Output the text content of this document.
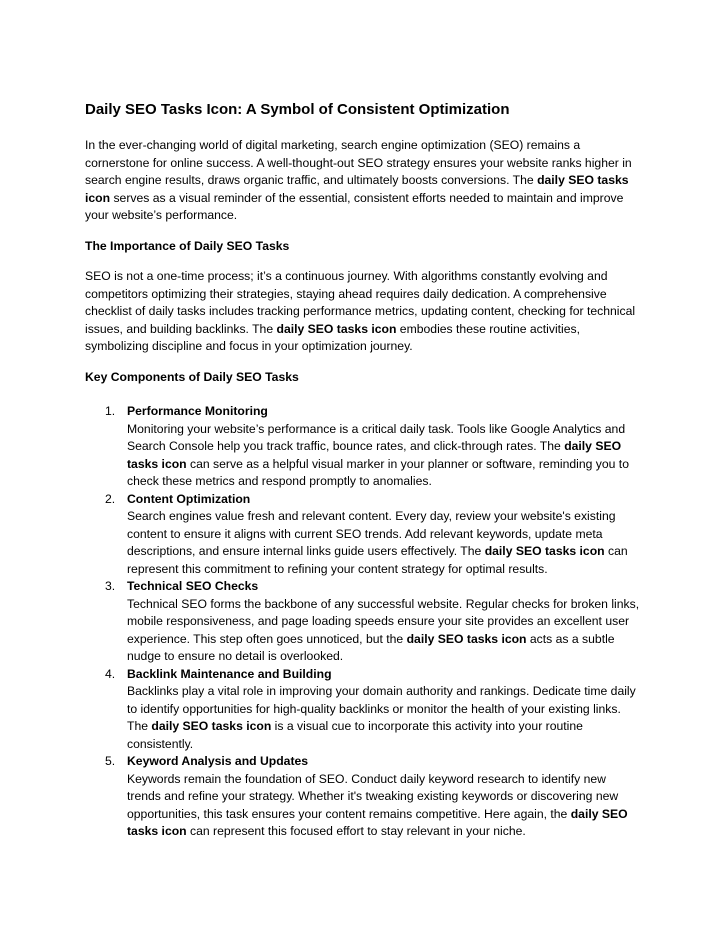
Daily SEO Tasks Icon: A Symbol of Consistent Optimization

In the ever-changing world of digital marketing, search engine optimization (SEO) remains a cornerstone for online success. A well-thought-out SEO strategy ensures your website ranks higher in search engine results, draws organic traffic, and ultimately boosts conversions. The daily SEO tasks icon serves as a visual reminder of the essential, consistent efforts needed to maintain and improve your website’s performance.

The Importance of Daily SEO Tasks

SEO is not a one-time process; it’s a continuous journey. With algorithms constantly evolving and competitors optimizing their strategies, staying ahead requires daily dedication. A comprehensive checklist of daily tasks includes tracking performance metrics, updating content, checking for technical issues, and building backlinks. The daily SEO tasks icon embodies these routine activities, symbolizing discipline and focus in your optimization journey.

Key Components of Daily SEO Tasks
1. Performance Monitoring
Monitoring your website’s performance is a critical daily task. Tools like Google Analytics and Search Console help you track traffic, bounce rates, and click-through rates. The daily SEO tasks icon can serve as a helpful visual marker in your planner or software, reminding you to check these metrics and respond promptly to anomalies.
2. Content Optimization
Search engines value fresh and relevant content. Every day, review your website's existing content to ensure it aligns with current SEO trends. Add relevant keywords, update meta descriptions, and ensure internal links guide users effectively. The daily SEO tasks icon can represent this commitment to refining your content strategy for optimal results.
3. Technical SEO Checks
Technical SEO forms the backbone of any successful website. Regular checks for broken links, mobile responsiveness, and page loading speeds ensure your site provides an excellent user experience. This step often goes unnoticed, but the daily SEO tasks icon acts as a subtle nudge to ensure no detail is overlooked.
4. Backlink Maintenance and Building
Backlinks play a vital role in improving your domain authority and rankings. Dedicate time daily to identify opportunities for high-quality backlinks or monitor the health of your existing links. The daily SEO tasks icon is a visual cue to incorporate this activity into your routine consistently.
5. Keyword Analysis and Updates
Keywords remain the foundation of SEO. Conduct daily keyword research to identify new trends and refine your strategy. Whether it's tweaking existing keywords or discovering new opportunities, this task ensures your content remains competitive. Here again, the daily SEO tasks icon can represent this focused effort to stay relevant in your niche.
